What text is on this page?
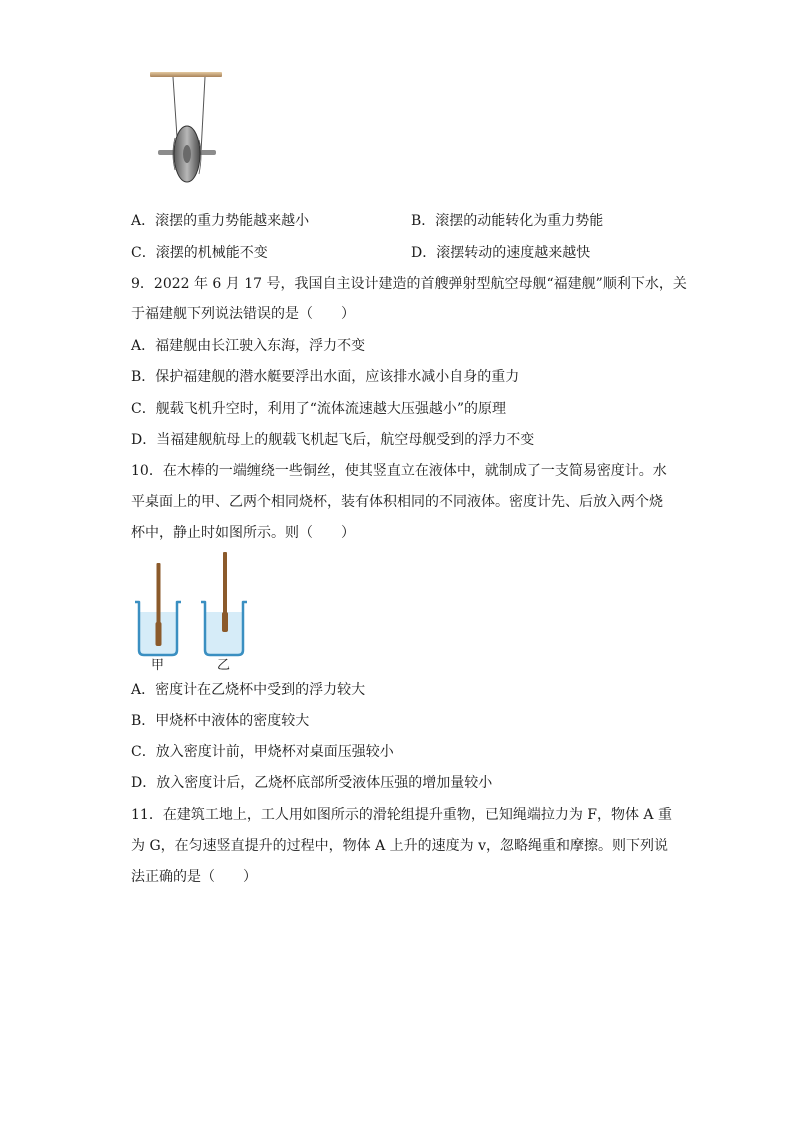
A．滚摆的重力势能越来越小	B．滚摆的动能转化为重力势能
C．滚摆的机械能不变	D．滚摆转动的速度越来越快
9．2022 年 6 月 17 号，我国自主设计建造的首艘弹射型航空母舰“福建舰”顺利下水，关
于福建舰下列说法错误的是（　　）
A．福建舰由长江驶入东海，浮力不变
B．保护福建舰的潜水艇要浮出水面，应该排水减小自身的重力
C．舰载飞机升空时，利用了“流体流速越大压强越小”的原理
D．当福建舰航母上的舰载飞机起飞后，航空母舰受到的浮力不变
10．在木棒的一端缠绕一些铜丝，使其竖直立在液体中，就制成了一支简易密度计。水
平桌面上的甲、乙两个相同烧杯，装有体积相同的不同液体。密度计先、后放入两个烧
杯中，静止时如图所示。则（　　）
甲	乙
A．密度计在乙烧杯中受到的浮力较大
B．甲烧杯中液体的密度较大
C．放入密度计前，甲烧杯对桌面压强较小
D．放入密度计后，乙烧杯底部所受液体压强的增加量较小
11．在建筑工地上，工人用如图所示的滑轮组提升重物，已知绳端拉力为 F，物体 A 重
为 G，在匀速竖直提升的过程中，物体 A 上升的速度为 v，忽略绳重和摩擦。则下列说
法正确的是（　　）
